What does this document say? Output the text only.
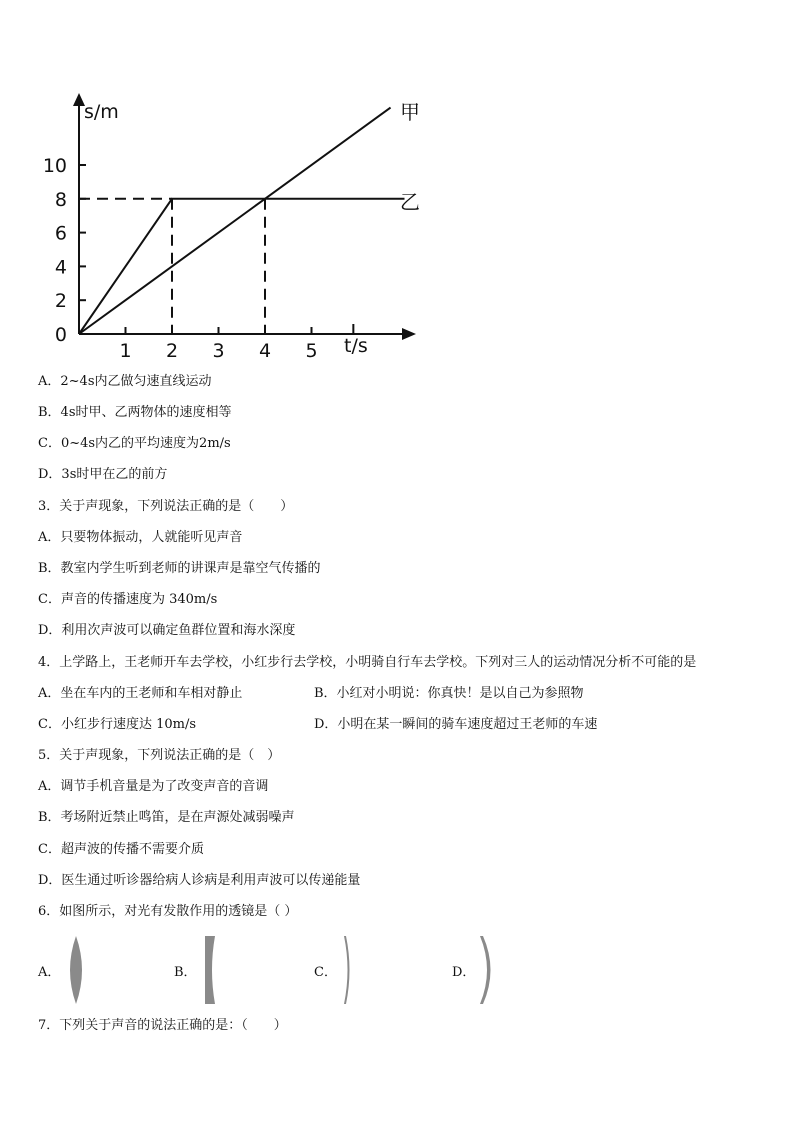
s/m
t/s
0
2
4
6
8
10
1 2 3 4 5
甲
乙
A．2~4s内乙做匀速直线运动
B．4s时甲、乙两物体的速度相等
C．0~4s内乙的平均速度为2m/s
D．3s时甲在乙的前方
3．关于声现象，下列说法正确的是（　　）
A．只要物体振动，人就能听见声音
B．教室内学生听到老师的讲课声是靠空气传播的
C．声音的传播速度为 340m/s
D．利用次声波可以确定鱼群位置和海水深度
4．上学路上，王老师开车去学校，小红步行去学校，小明骑自行车去学校。下列对三人的运动情况分析不可能的是
A．坐在车内的王老师和车相对静止	B．小红对小明说：你真快！是以自己为参照物
C．小红步行速度达 10m/s	D．小明在某一瞬间的骑车速度超过王老师的车速
5．关于声现象，下列说法正确的是（　）
A．调节手机音量是为了改变声音的音调
B．考场附近禁止鸣笛，是在声源处减弱噪声
C．超声波的传播不需要介质
D．医生通过听诊器给病人诊病是利用声波可以传递能量
6．如图所示，对光有发散作用的透镜是（ ）
A．	B．	C．	D．
7．下列关于声音的说法正确的是：（　　）
